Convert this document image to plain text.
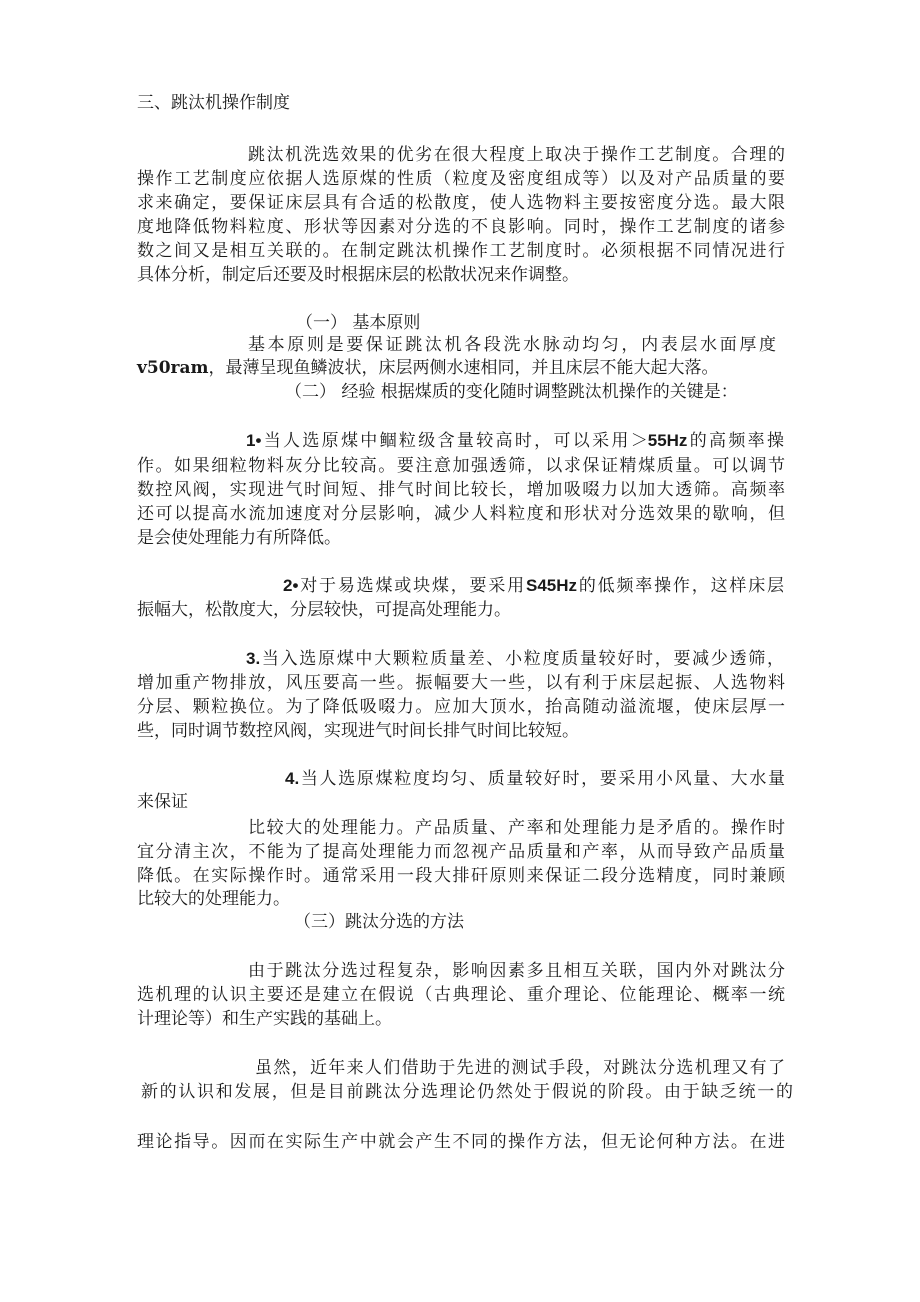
三、跳汰机操作制度
跳汰机洗选效果的优劣在很大程度上取决于操作工艺制度。合理的
操作工艺制度应依据人选原煤的性质（粒度及密度组成等）以及对产品质量的要
求来确定，要保证床层具有合适的松散度，使人选物料主要按密度分选。最大限
度地降低物料粒度、形状等因素对分选的不良影响。同时，操作工艺制度的诸参
数之间又是相互关联的。在制定跳汰机操作工艺制度时。必须根据不同情况进行
具体分析，制定后还要及时根据床层的松散状况来作调整。
（一） 基本原则
基本原则是要保证跳汰机各段洗水脉动均匀，内表层水面厚度
v50ram，最薄呈现鱼鳞波状，床层两侧水速相同，并且床层不能大起大落。
（二） 经验 根据煤质的变化随时调整跳汰机操作的关键是：
1•当人选原煤中鲴粒级含量较高时，可以采用＞55Hz的高频率操
作。如果细粒物料灰分比较高。要注意加强透筛，以求保证精煤质量。可以调节
数控风阀，实现进气时间短、排气时间比较长，增加吸啜力以加大透筛。高频率
还可以提高水流加速度对分层影响，减少人料粒度和形状对分选效果的歇响，但
是会使处理能力有所降低。
2•对于易选煤或块煤，要采用S45Hz的低频率操作，这样床层
振幅大，松散度大，分层较快，可提高处理能力。
3.当入选原煤中大颗粒质量差、小粒度质量较好时，要减少透筛，
增加重产物排放，风压要高一些。振幅要大一些，以有利于床层起振、人选物料
分层、颗粒换位。为了降低吸啜力。应加大顶水，抬高随动溢流堰，使床层厚一
些，同时调节数控风阀，实现进气时间长排气时间比较短。
4.当人选原煤粒度均匀、质量较好时，要采用小风量、大水量
来保证
比较大的处理能力。产品质量、产率和处理能力是矛盾的。操作时
宜分清主次，不能为了提高处理能力而忽视产品质量和产率，从而导致产品质量
降低。在实际操作时。通常采用一段大排矸原则来保证二段分选精度，同时兼顾
比较大的处理能力。
（三）跳汰分选的方法
由于跳汰分选过程复杂，影响因素多且相互关联，国内外对跳汰分
选机理的认识主要还是建立在假说（古典理论、重介理论、位能理论、概率一统
计理论等）和生产实践的基础上。
虽然，近年来人们借助于先进的测试手段，对跳汰分选机理又有了
新的认识和发展，但是目前跳汰分选理论仍然处于假说的阶段。由于缺乏统一的
理论指导。因而在实际生产中就会产生不同的操作方法，但无论何种方法。在进
